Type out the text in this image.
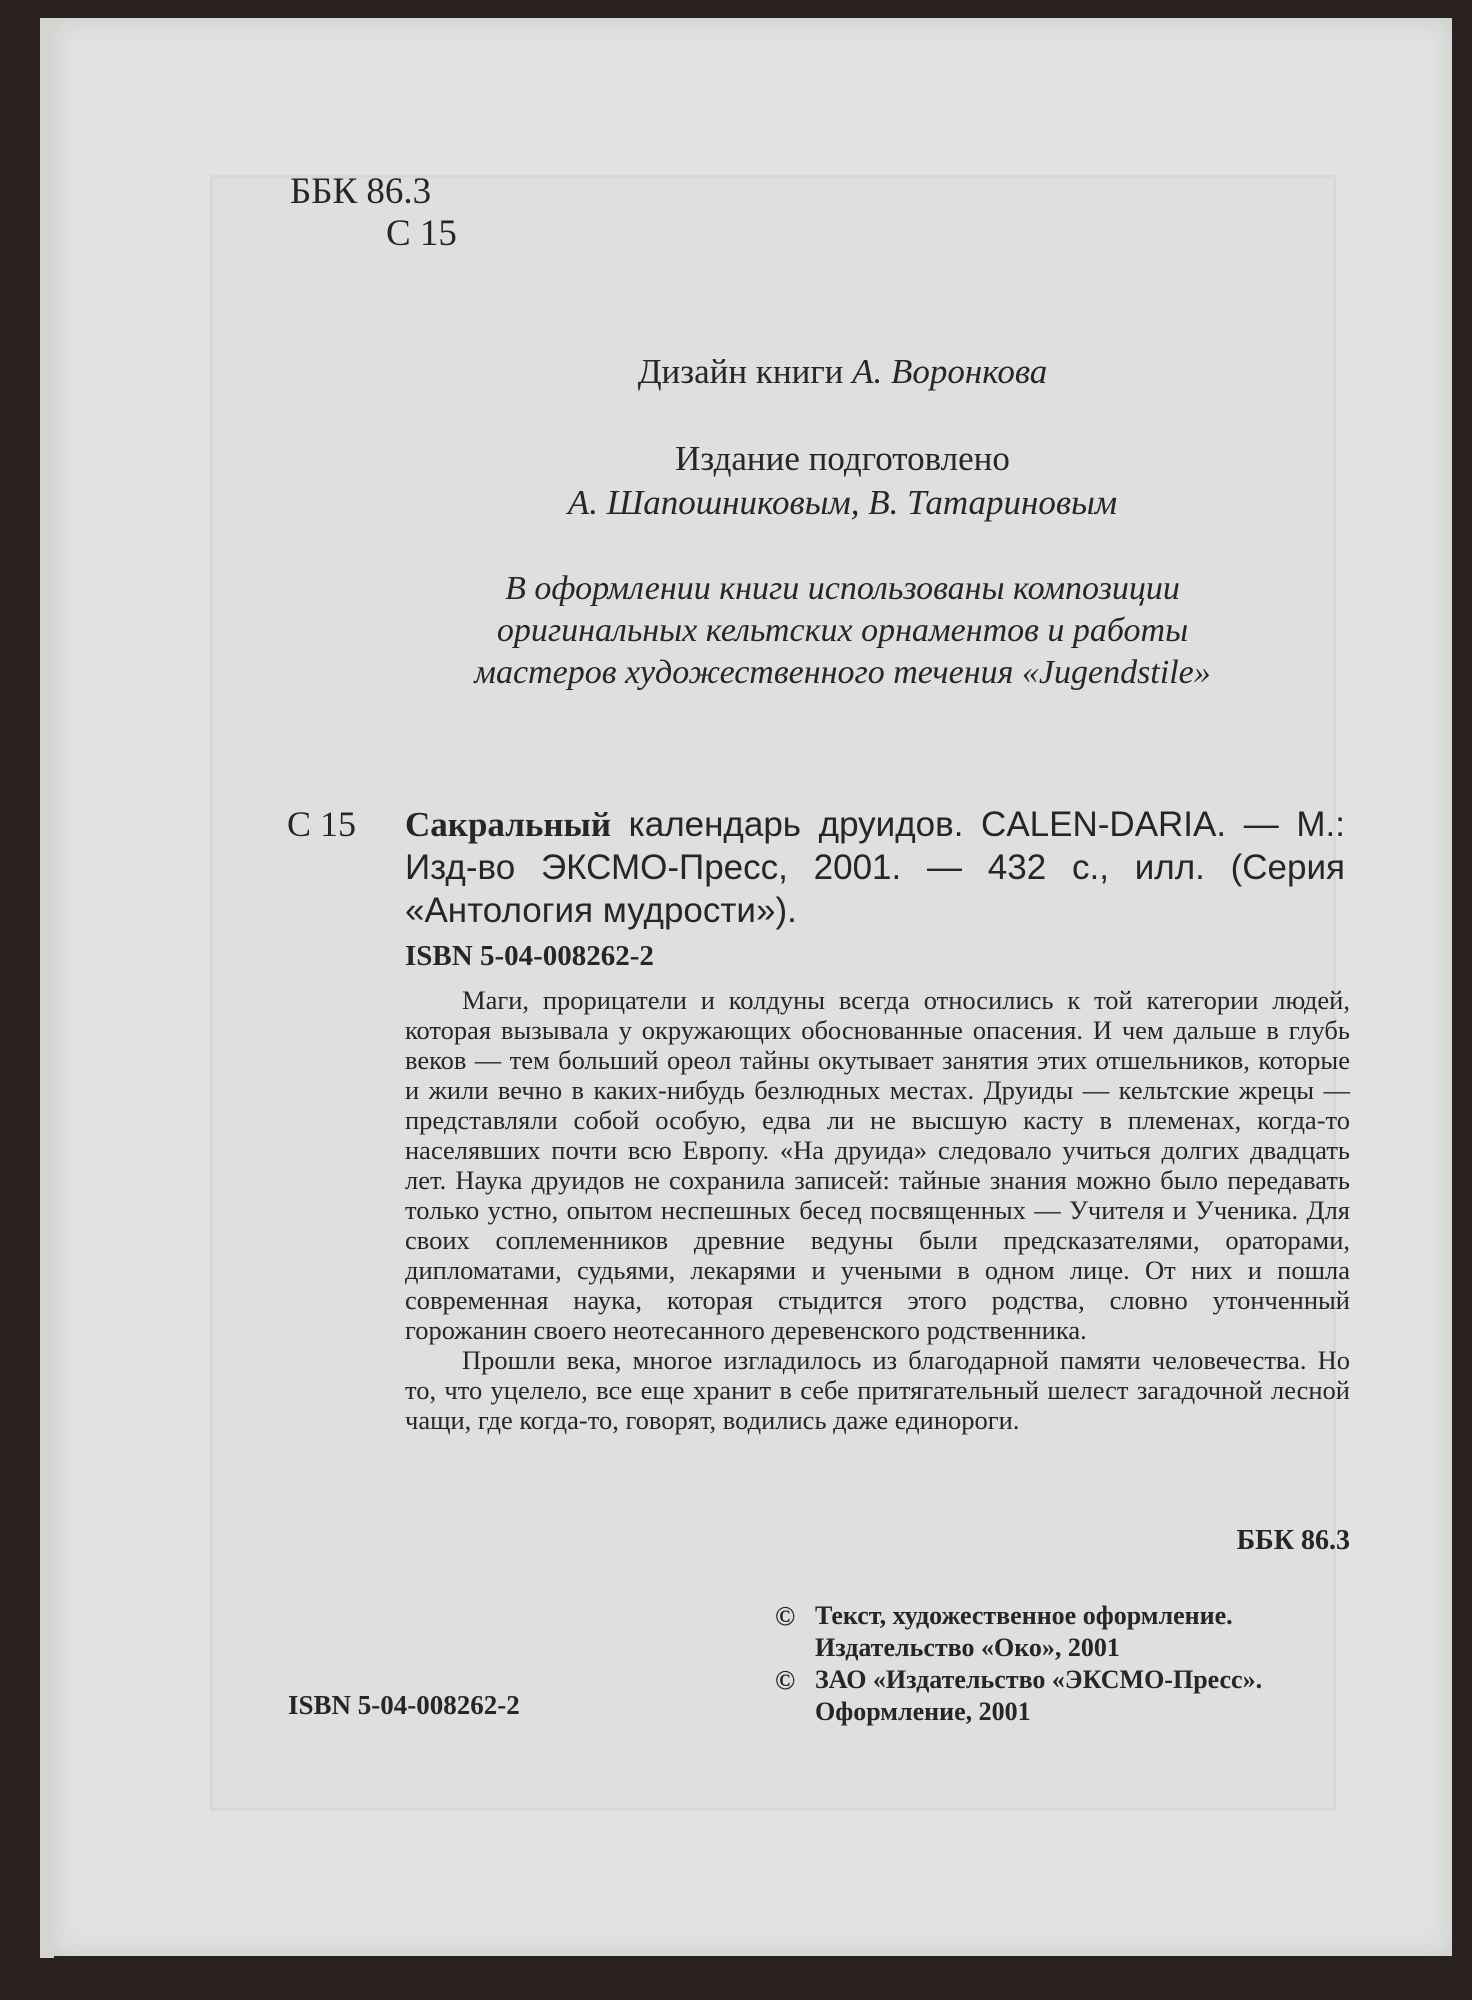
ББК 86.3
С 15
Дизайн книги А. Воронкова
Издание подготовлено
А. Шапошниковым, В. Татариновым
В оформлении книги использованы композиции
оригинальных кельтских орнаментов и работы
мастеров художественного течения «Jugendstile»
С 15 Сакральный календарь друидов. CALEN-DARIA. — М.: Изд-во ЭКСМО-Пресс, 2001. — 432 с., илл. (Серия «Антология мудрости»).
ISBN 5-04-008262-2

Маги, прорицатели и колдуны всегда относились к той категории людей, которая вызывала у окружающих обоснованные опасения. И чем дальше в глубь веков — тем больший ореол тайны окутывает занятия этих отшельников, которые и жили вечно в каких-нибудь безлюдных местах. Друиды — кельтские жрецы — представляли собой особую, едва ли не высшую касту в племенах, когда-то населявших почти всю Европу. «На друида» следовало учиться долгих двадцать лет. Наука друидов не сохранила записей: тайные знания можно было передавать только устно, опытом неспешных бесед посвященных — Учителя и Ученика. Для своих соплеменников древние ведуны были предсказателями, ораторами, дипломатами, судьями, лекарями и учеными в одном лице. От них и пошла современная наука, которая стыдится этого родства, словно утонченный горожанин своего неотесанного деревенского родственника.

Прошли века, многое изгладилось из благодарной памяти человечества. Но то, что уцелело, все еще хранит в себе притягательный шелест загадочной лесной чащи, где когда-то, говорят, водились даже единороги.

ББК 86.3
© Текст, художественное оформление.
Издательство «Око», 2001
© ЗАО «Издательство «ЭКСМО-Пресс».
Оформление, 2001
ISBN 5-04-008262-2
